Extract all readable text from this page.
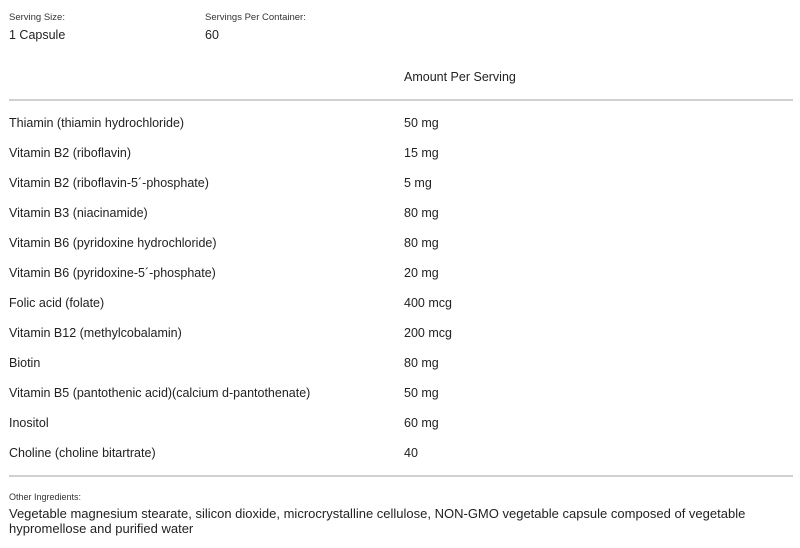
Serving Size:
1 Capsule
Servings Per Container:
60
Amount Per Serving
Thiamin (thiamin hydrochloride)	50 mg
Vitamin B2 (riboflavin)	15 mg
Vitamin B2 (riboflavin-5´-phosphate)	5 mg
Vitamin B3 (niacinamide)	80 mg
Vitamin B6 (pyridoxine hydrochloride)	80 mg
Vitamin B6 (pyridoxine-5´-phosphate)	20 mg
Folic acid (folate)	400 mcg
Vitamin B12 (methylcobalamin)	200 mcg
Biotin	80 mg
Vitamin B5 (pantothenic acid)(calcium d-pantothenate)	50 mg
Inositol	60 mg
Choline (choline bitartrate)	40
Other Ingredients:
Vegetable magnesium stearate, silicon dioxide, microcrystalline cellulose, NON-GMO vegetable capsule composed of vegetable hypromellose and purified water
